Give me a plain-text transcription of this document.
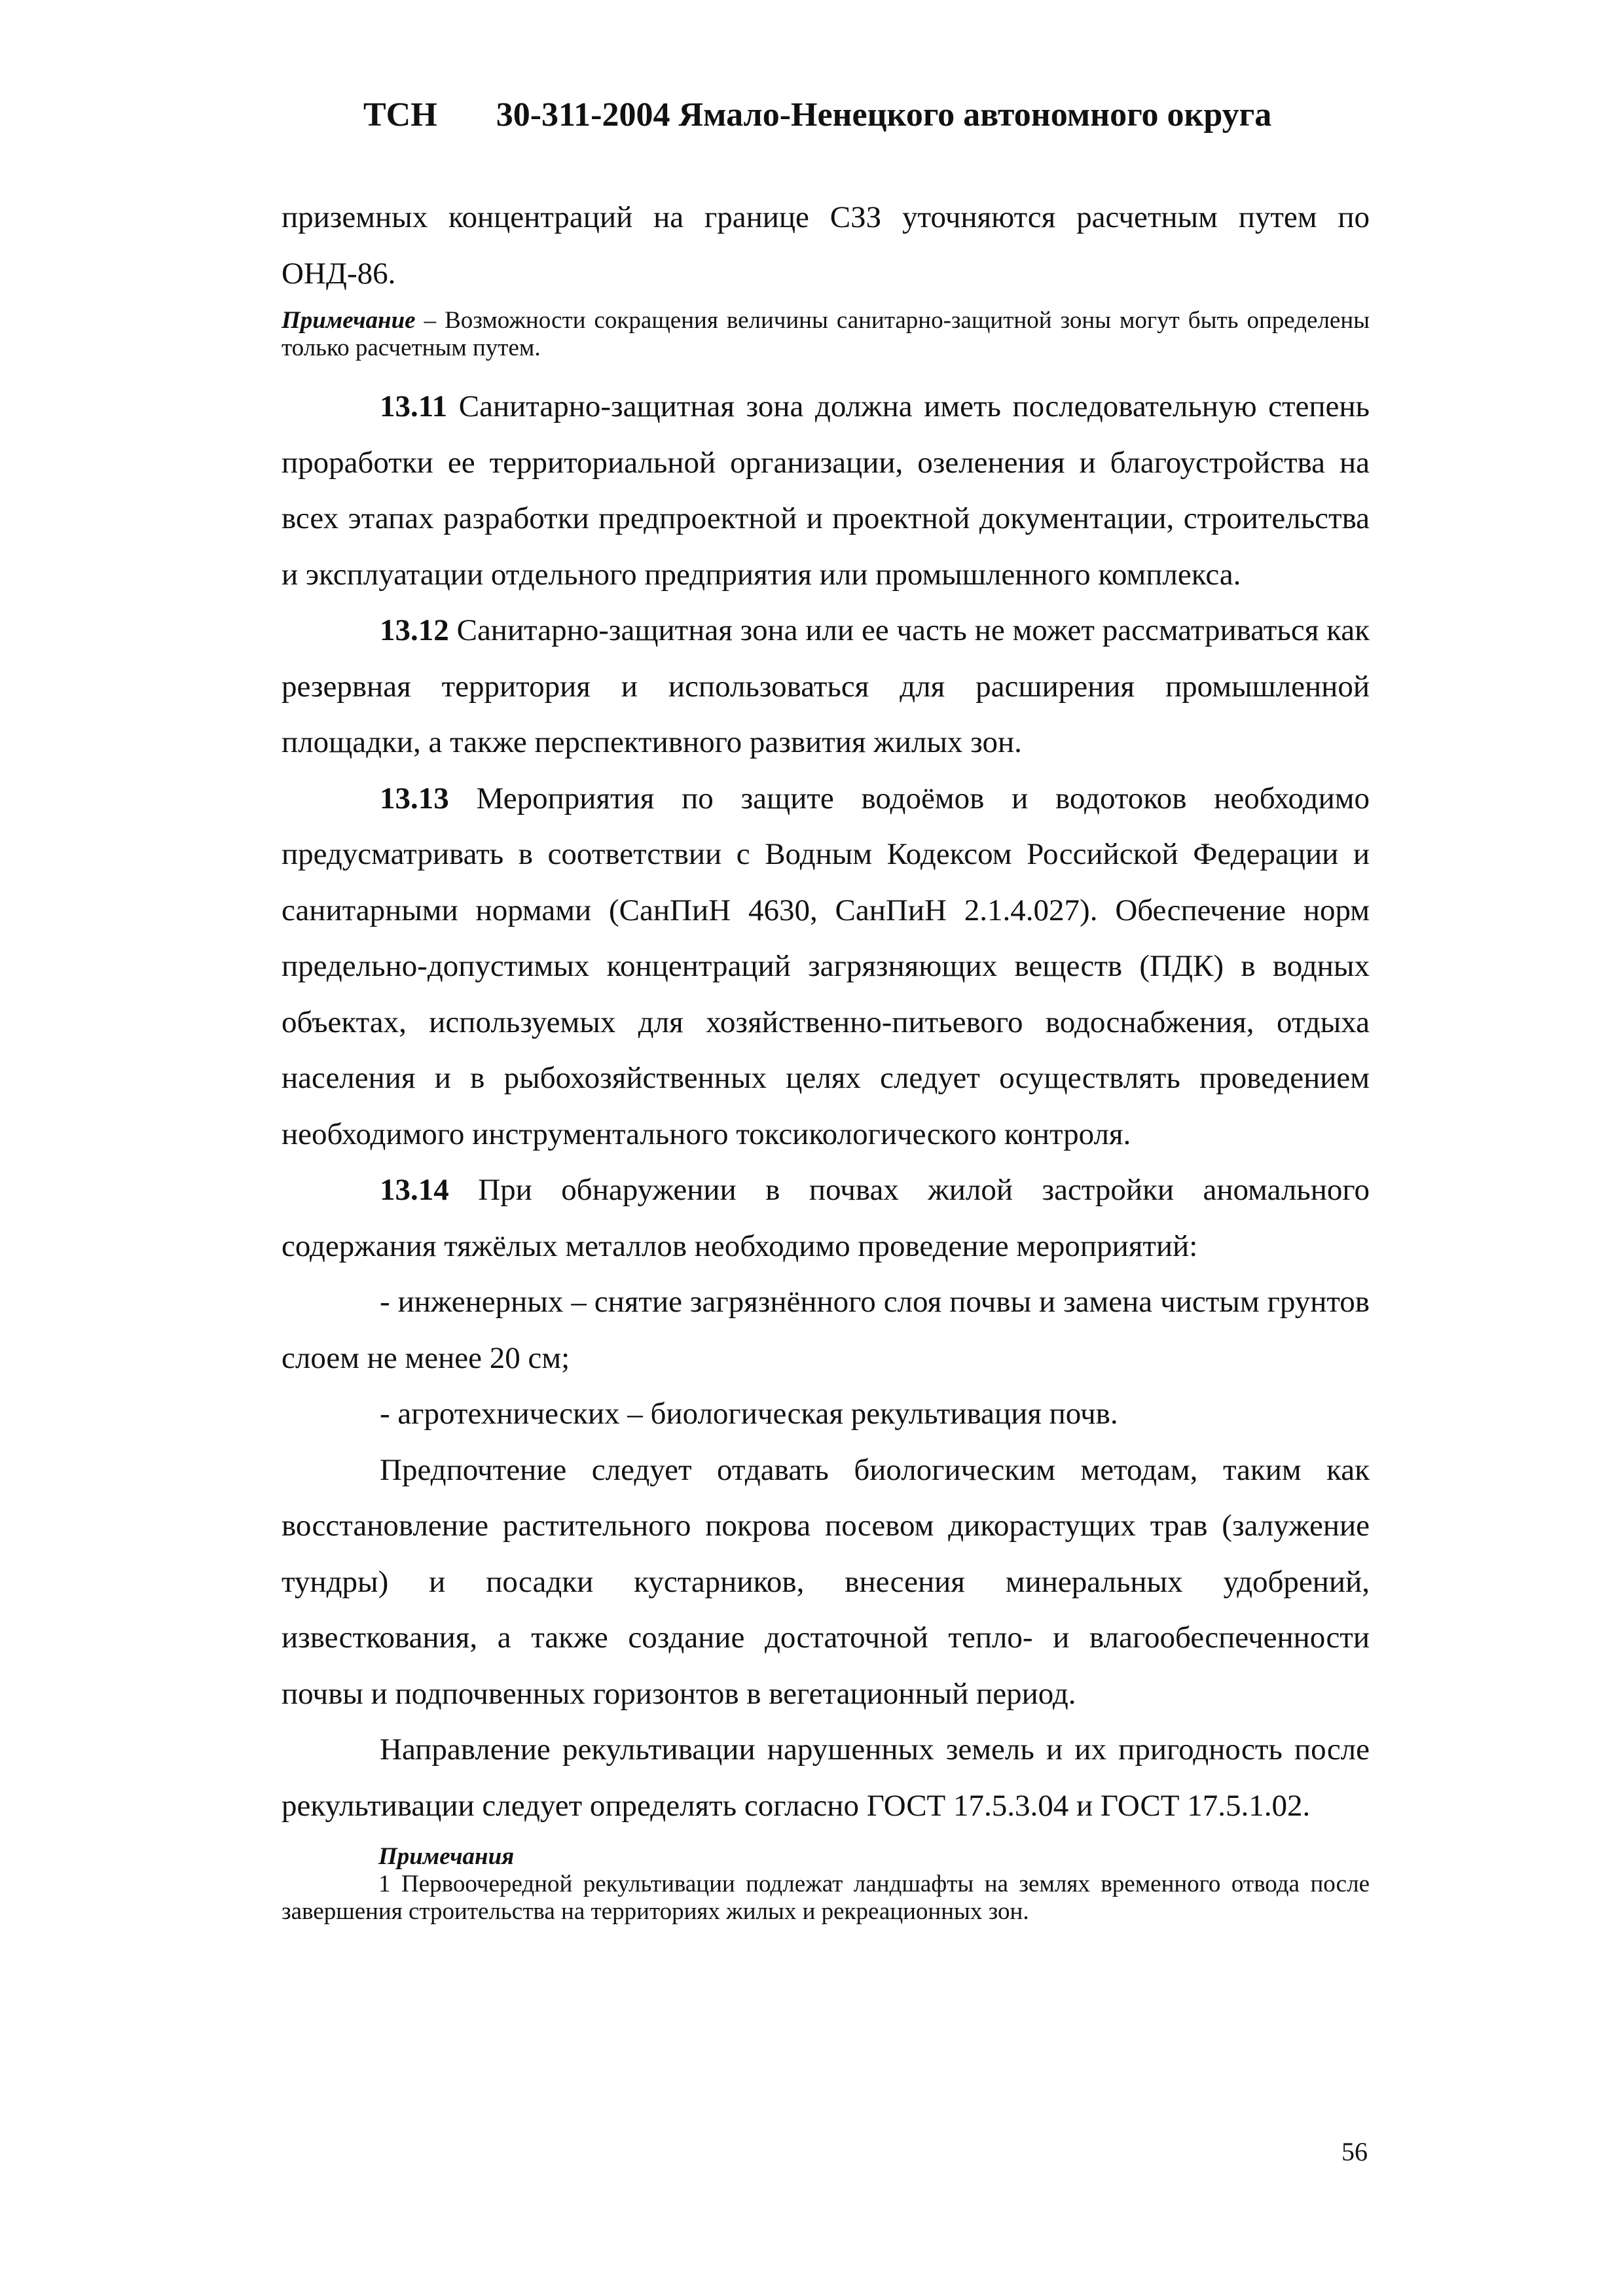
ТСН 30-311-2004 Ямало-Ненецкого автономного округа

приземных концентраций на границе СЗЗ уточняются расчетным путем по ОНД-86.

Примечание – Возможности сокращения величины санитарно-защитной зоны могут быть определены только расчетным путем.

13.11 Санитарно-защитная зона должна иметь последовательную степень проработки ее территориальной организации, озеленения и благоустройства на всех этапах разработки предпроектной и проектной документации, строительства и эксплуатации отдельного предприятия или промышленного комплекса.

13.12 Санитарно-защитная зона или ее часть не может рассматриваться как резервная территория и использоваться для расширения промышленной площадки, а также перспективного развития жилых зон.

13.13 Мероприятия по защите водоёмов и водотоков необходимо предусматривать в соответствии с Водным Кодексом Российской Федерации и санитарными нормами (СанПиН 4630, СанПиН 2.1.4.027). Обеспечение норм предельно-допустимых концентраций загрязняющих веществ (ПДК) в водных объектах, используемых для хозяйственно-питьевого водоснабжения, отдыха населения и в рыбохозяйственных целях следует осуществлять проведением необходимого инструментального токсикологического контроля.

13.14 При обнаружении в почвах жилой застройки аномального содержания тяжёлых металлов необходимо проведение мероприятий:

- инженерных – снятие загрязнённого слоя почвы и замена чистым грунтов слоем не менее 20 см;

- агротехнических – биологическая рекультивация почв.

Предпочтение следует отдавать биологическим методам, таким как восстановление растительного покрова посевом дикорастущих трав (залужение тундры) и посадки кустарников, внесения минеральных удобрений, известкования, а также создание достаточной тепло- и влагообеспеченности почвы и подпочвенных горизонтов в вегетационный период.

Направление рекультивации нарушенных земель и их пригодность после рекультивации следует определять согласно ГОСТ 17.5.3.04 и ГОСТ 17.5.1.02.

Примечания

1 Первоочередной рекультивации подлежат ландшафты на землях временного отвода после завершения строительства на территориях жилых и рекреационных зон.

56
